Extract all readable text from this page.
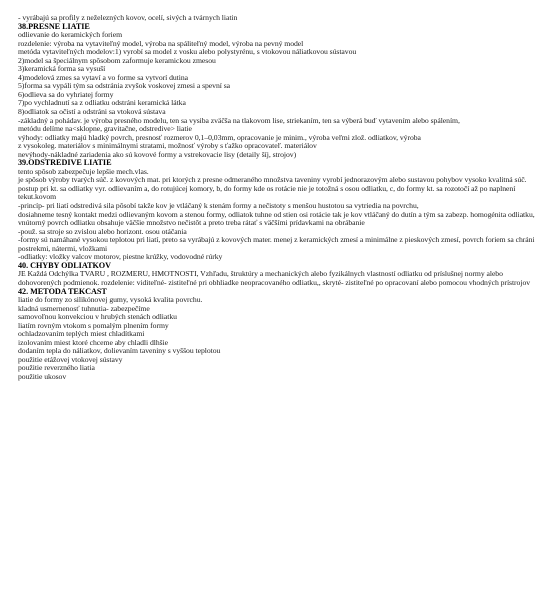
- vyrábajú sa profily z neželezných kovov, ocelí, sivých a tvárnych liatin
38.PRESNÉ LIATIE
odlievanie do keramických foriem
rozdelenie: výroba na vytaviteľný model, výroba na spáliteľný model, výroba na pevný model
metóda vytaviteľných modelov:1) vyrobí sa model z vosku alebo polystyrénu, s vtokovou náliatkovou sústavou
2)model sa špeciálnym spôsobom zaformuje keramickou zmesou
3)keramická forma sa vysuší
4)modelová zmes sa vytaví a vo forme sa vytvorí dutina
5)forma sa vypáli tým sa odstránia zvyšok voskovej zmesi a spevní sa
6)odlieva sa do vyhriatej formy
7)po vychladnutí sa z odliatku odstráni keramická látka
8)odliatok sa očistí a odstráni sa vtoková sústava
-základný a pohádav. je výroba presného modelu, ten sa vysiba zväčša na tlakovom lise, striekaním, ten sa výberá buď vytavením alebo spálením,
metódu delíme na<sklopne, gravitačne, odstredive> liatie
výhody: odliatky majú hladký povrch, presnosť rozmerov 0,1–0,03mm, opracovanie je minim., výroba veľmi zlož. odliatkov, výroba
z vysokoleg. materiálov s minimálnymi stratami, možnosť výroby s ťažko opracovateľ. materiálov
nevýhody-nákladné zariadenia ako sú kovové formy a vstrekovacie lisy (detaily šíj, strojov)
39.ODSTREDIVÉ LIATIE
tento spôsob zabezpečuje lepšie mech.vlas.
je spôsob výroby tvarých súč. z kovových mat. pri ktorých z presne odmeraného množstva taveniny vyrobí jednorazovým alebo sustavou pohybov vysoko kvalitná súč.
postup pri kt. sa odliatky vyr. odlievaním a, do rotujúcej komory, b, do formy kde os rotácie nie je totožná s osou odliatku, c, do formy kt. sa rozotočí až po naplnení tekut.kovom
-princíp- pri liatí odstredivá sila pôsobí takže kov je vtláčaný k stenám formy a nečistoty s menšou hustotou sa vytriedia na povrchu,
dosiahneme tesný kontakt medzi odlievaným kovom a stenou formy, odliatok tuhne od stien osi rotácie tak je kov vtláčaný do dutín a tým sa zabezp. homogénita odliatku, vnútorný povrch odliatku obsahuje väčšie množstvo nečistôt a preto treba rátať s väčšími prídavkami na obrábanie
-použ. sa stroje so zvislou alebo horizont. osou otáčania
-formy sú namáhané vysokou teplotou pri liatí, preto sa vyrábajú z kovových mater. menej z keramických zmesí a minimálne z pieskových zmesí, povrch foriem sa chráni postrekmi, nátermi, vložkami
-odliatky: vložky valcov motorov, piestne krúžky, vodovodné rúrky
40. CHYBY ODLIATKOV
JE Každá Odchýlka TVARU , ROZMERU, HMOTNOSTI, Vzhľadu, štruktúry a mechanických alebo fyzikálnych vlastností odliatku od príslušnej normy alebo dohovorených podmienok. rozdelenie: viditeľné- zistiteľné pri obhliadke neopracovaného odliatku,, skryté- zistiteľné po opracovaní alebo pomocou vhodných prístrojov
42. METÓDA TEKCAST
liatie do formy zo silikónovej gumy, vysoká kvalita povrchu.
kladná usmernenosť tuhnutia- zabezpečíme
samovoľnou konvekciou v hrubých stenách odliatku
liatím rovným vtokom s pomalým plnením formy
ochladzovaním teplých miest chladítkami
izolovaním miest ktoré chceme aby chladli dlhšie
dodaním tepla do náliatkov, dolievaním taveniny s vyššou teplotou
použitie etážovej vtokovej sústavy
použitie reverzného liatia
použitie ukosov
